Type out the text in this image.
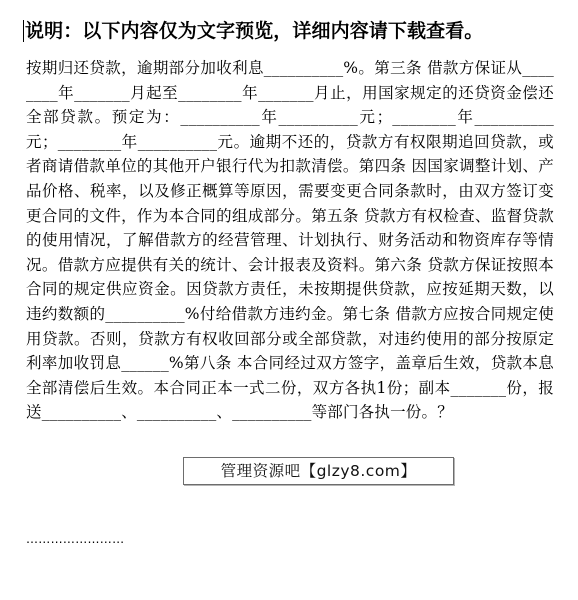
说明：以下内容仅为文字预览，详细内容请下载查看。
按期归还贷款，逾期部分加收利息__________%。第三条 借款方保证从________年_______月起至________年_______月止，用国家规定的还贷资金偿还全部贷款。预定为：__________年__________元；________年__________元；________年__________元。逾期不还的，贷款方有权限期追回贷款，或者商请借款单位的其他开户银行代为扣款清偿。第四条 因国家调整计划、产品价格、税率，以及修正概算等原因，需要变更合同条款时，由双方签订变更合同的文件，作为本合同的组成部分。第五条 贷款方有权检查、监督贷款的使用情况，了解借款方的经营管理、计划执行、财务活动和物资库存等情况。借款方应提供有关的统计、会计报表及资料。第六条 贷款方保证按照本合同的规定供应资金。因贷款方责任，未按期提供贷款，应按延期天数，以违约数额的__________%付给借款方违约金。第七条 借款方应按合同规定使用贷款。否则，贷款方有权收回部分或全部贷款，对违约使用的部分按原定利率加收罚息______%第八条 本合同经过双方签字，盖章后生效，贷款本息全部清偿后生效。本合同正本一式二份，双方各执1份；副本_______份，报送__________、__________、__________等部门各执一份。？
管理资源吧【glzy8.com】
……………………
